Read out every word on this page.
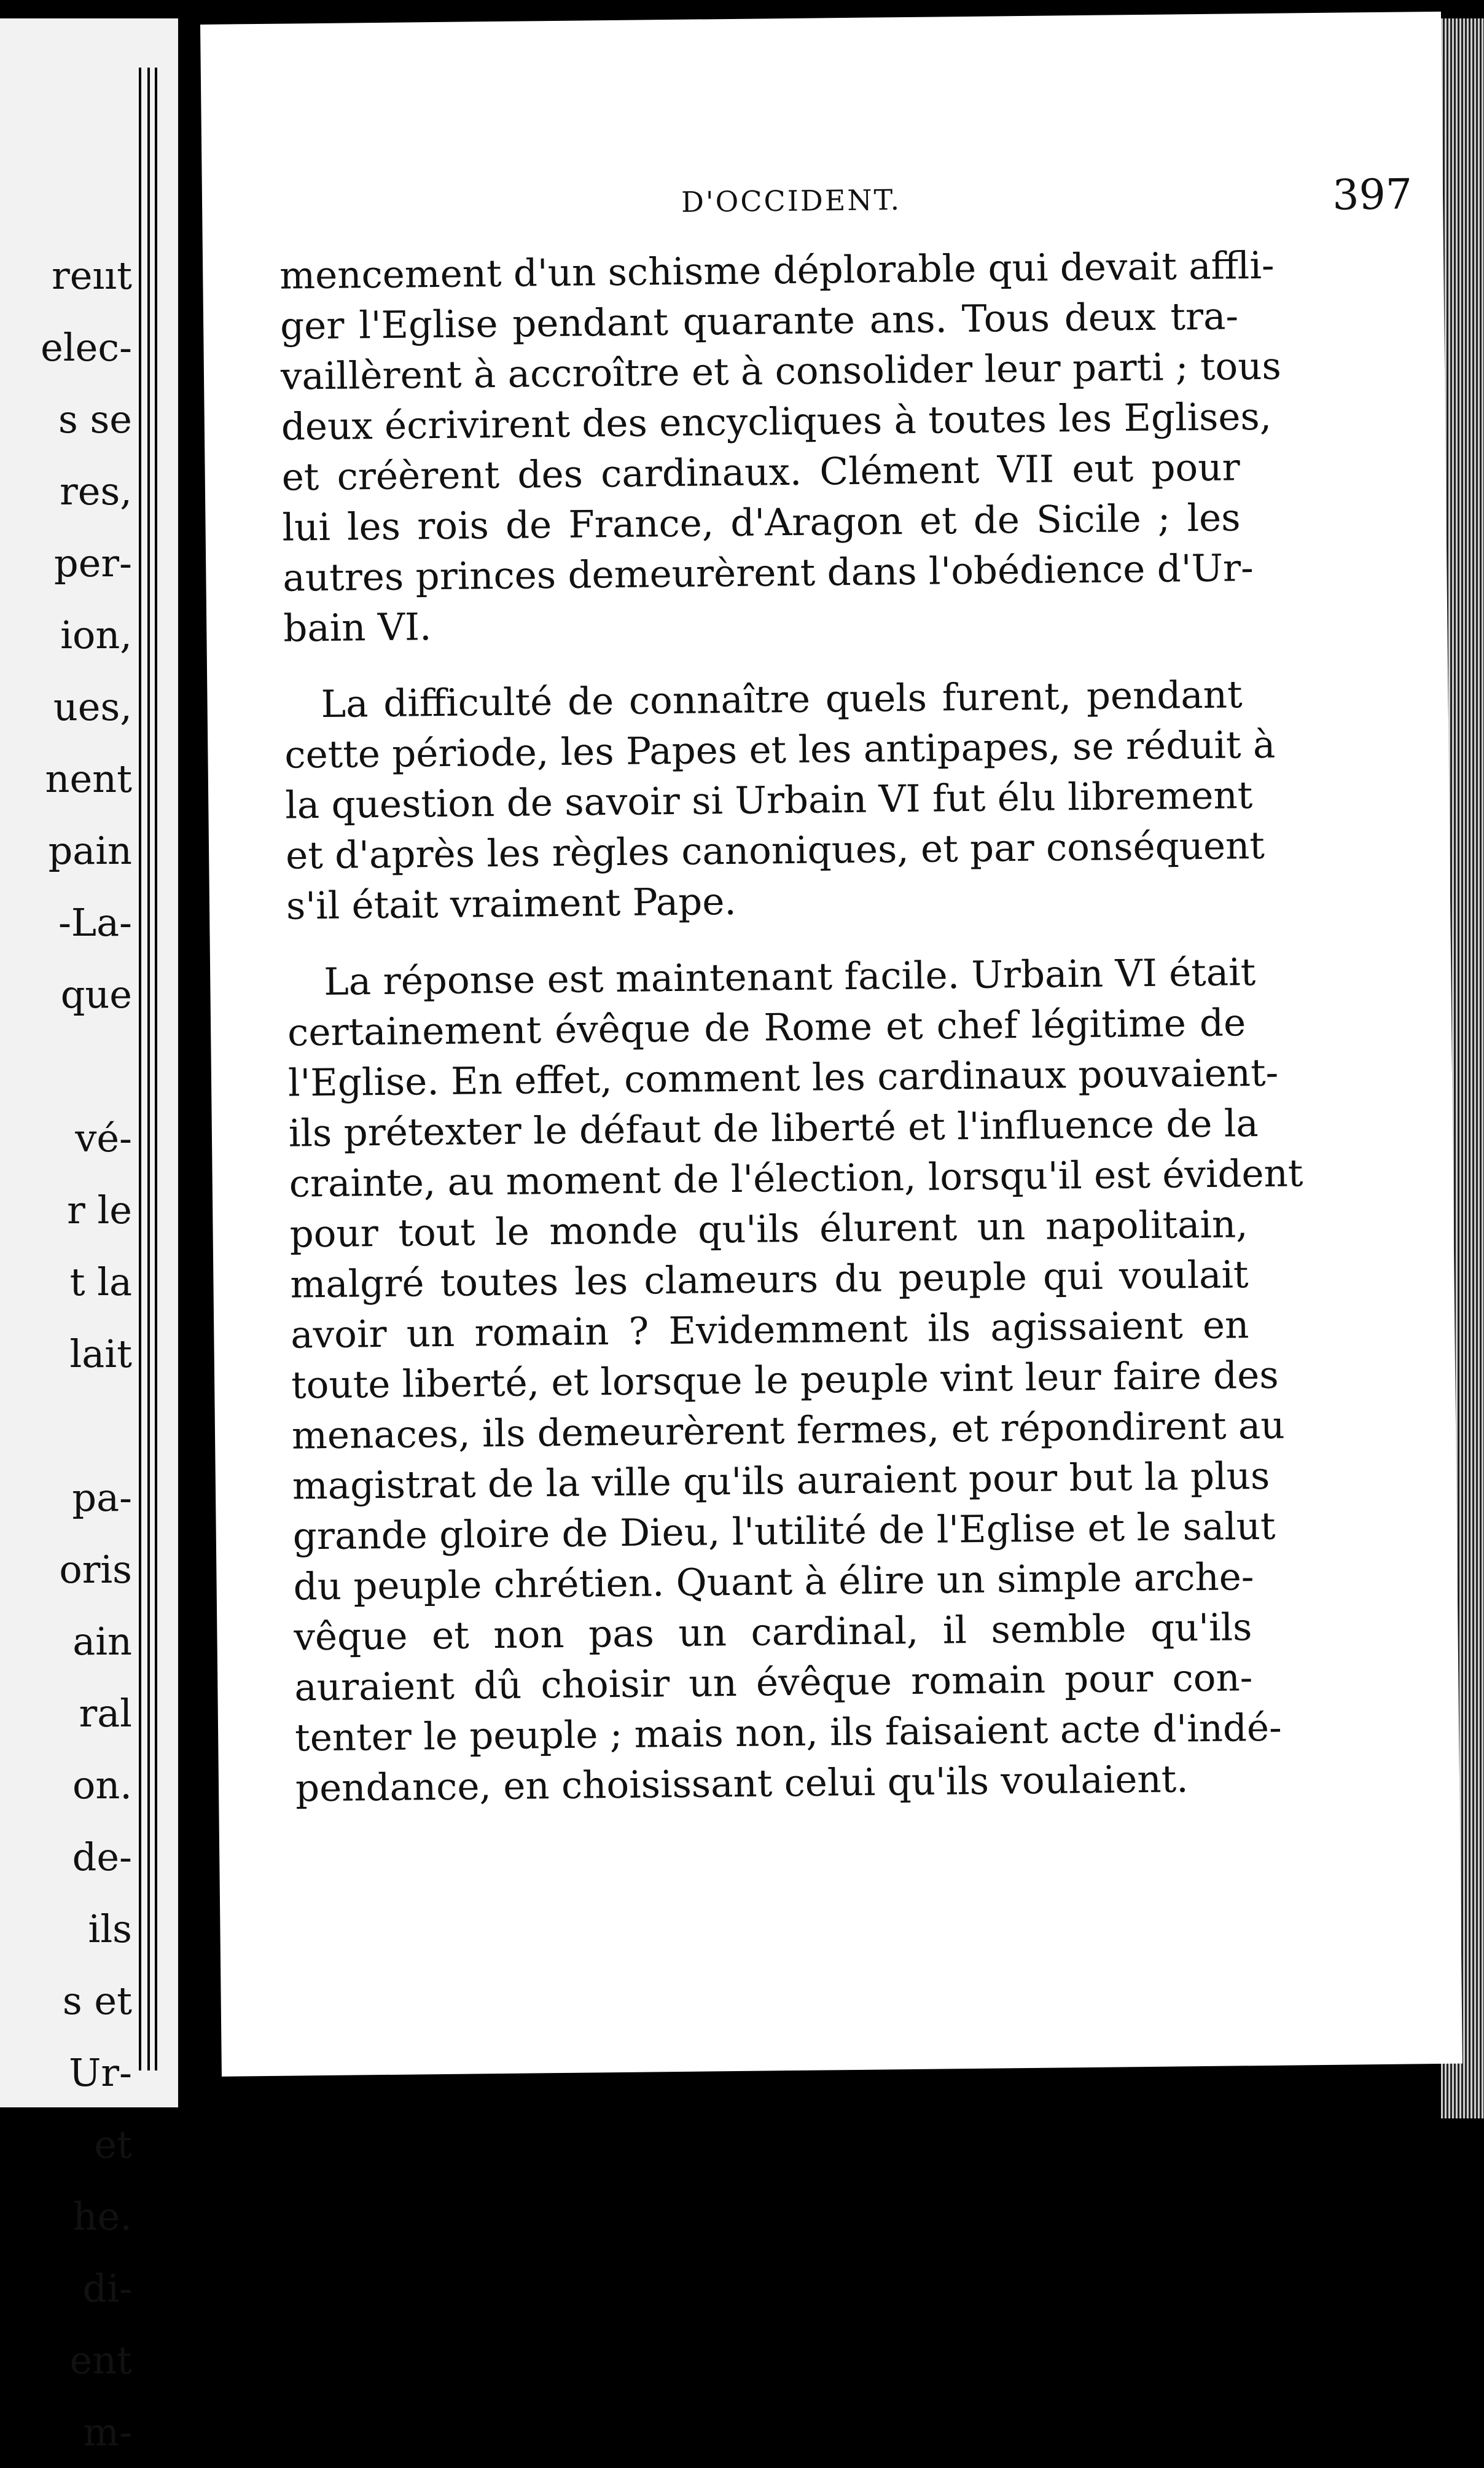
reııt
elec-
s se
res,
per-
ion,
ues,
nent
pain
-La-
que
vé-
r le
t la
lait
pa-
oris
ain
ral
on.
de-
ils
s et
Ur-
et
he.
di-
ent
m-
D'OCCIDENT.	397

mencement d'un schisme déplorable qui devait affli-
ger l'Eglise pendant quarante ans. Tous deux tra-
vaillèrent à accroître et à consolider leur parti ; tous
deux écrivirent des encycliques à toutes les Eglises,
et créèrent des cardinaux. Clément VII eut pour
lui les rois de France, d'Aragon et de Sicile ; les
autres princes demeurèrent dans l'obédience d'Ur-
bain VI.

La difficulté de connaître quels furent, pendant
cette période, les Papes et les antipapes, se réduit à
la question de savoir si Urbain VI fut élu librement
et d'après les règles canoniques, et par conséquent
s'il était vraiment Pape.

La réponse est maintenant facile. Urbain VI était
certainement évêque de Rome et chef légitime de
l'Eglise. En effet, comment les cardinaux pouvaient-
ils prétexter le défaut de liberté et l'influence de la
crainte, au moment de l'élection, lorsqu'il est évident
pour tout le monde qu'ils élurent un napolitain,
malgré toutes les clameurs du peuple qui voulait
avoir un romain ? Evidemment ils agissaient en
toute liberté, et lorsque le peuple vint leur faire des
menaces, ils demeurèrent fermes, et répondirent au
magistrat de la ville qu'ils auraient pour but la plus
grande gloire de Dieu, l'utilité de l'Eglise et le salut
du peuple chrétien. Quant à élire un simple arche-
vêque et non pas un cardinal, il semble qu'ils
auraient dû choisir un évêque romain pour con-
tenter le peuple ; mais non, ils faisaient acte d'indé-
pendance, en choisissant celui qu'ils voulaient.
